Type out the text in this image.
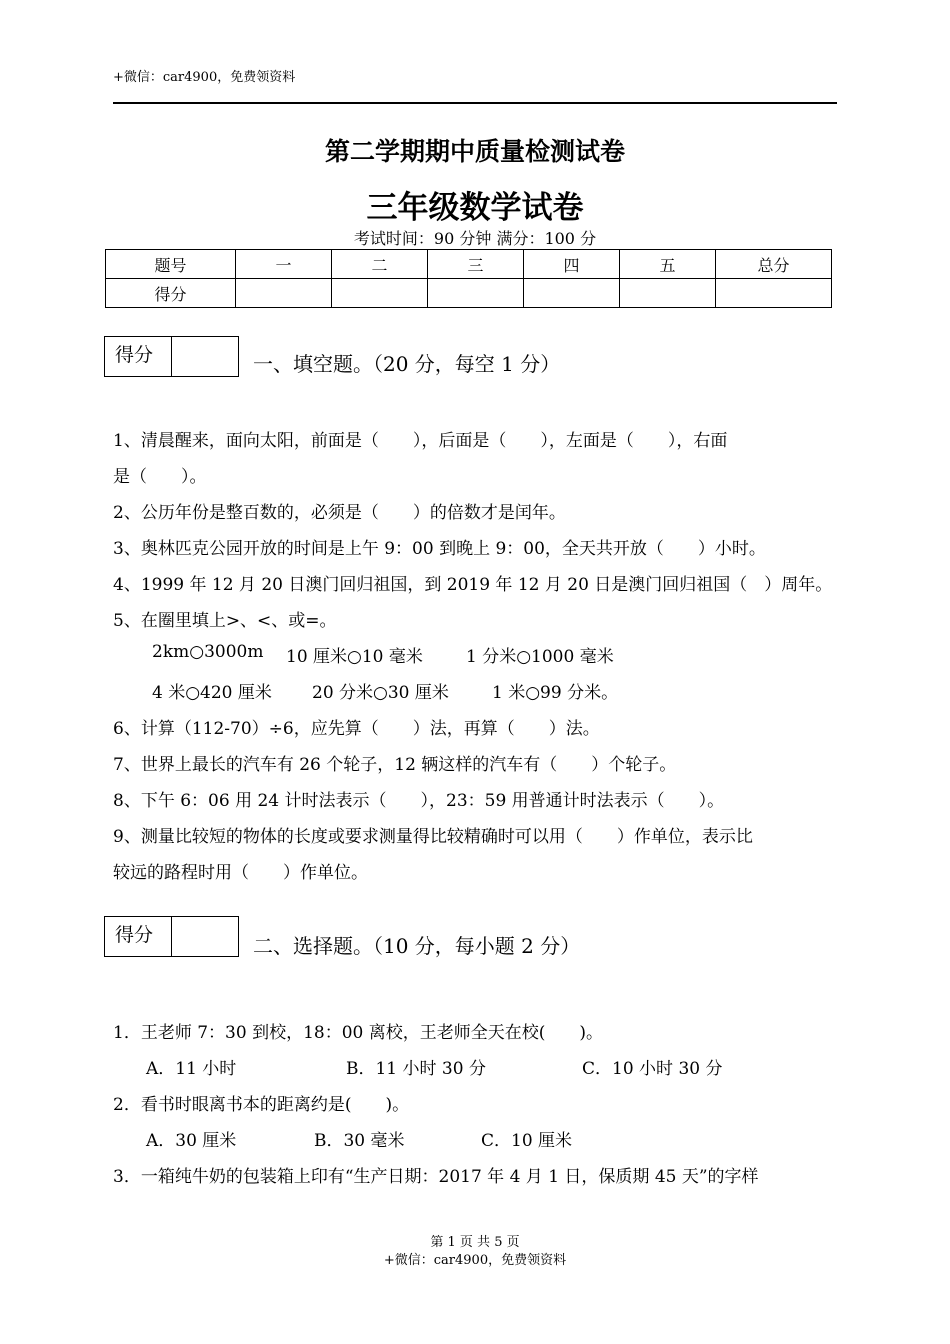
+微信：car4900，免费领资料
第二学期期中质量检测试卷
三年级数学试卷
考试时间：90 分钟 满分：100 分
题号	一	二	三	四	五	总分
得分						
得分	一、填空题。（20 分，每空 1 分）
1、清晨醒来，面向太阳，前面是（　　），后面是（　　），左面是（　　），右面
是（　　）。
2、公历年份是整百数的，必须是（　　）的倍数才是闰年。
3、奥林匹克公园开放的时间是上午 9：00 到晚上 9：00，全天共开放（　　）小时。
4、1999 年 12 月 20 日澳门回归祖国，到 2019 年 12 月 20 日是澳门回归祖国（　）周年。
5、在圈里填上>、<、或=。
2km○3000m 10 厘米○10 毫米	1 分米○1000 毫米
4 米○420 厘米 20 分米○30 厘米	1 米○99 分米。
6、计算（112-70）÷6，应先算（　　）法，再算（　　）法。
7、世界上最长的汽车有 26 个轮子，12 辆这样的汽车有（　　）个轮子。
8、下午 6：06 用 24 计时法表示（　　），23：59 用普通计时法表示（　　）。
9、测量比较短的物体的长度或要求测量得比较精确时可以用（　　）作单位，表示比
较远的路程时用（　　）作单位。
得分	二、选择题。（10 分，每小题 2 分）
1．王老师 7：30 到校，18：00 离校，王老师全天在校(　　)。
A．11 小时	B．11 小时 30 分	C．10 小时 30 分
2．看书时眼离书本的距离约是(　　)。
A．30 厘米	B．30 毫米	C．10 厘米
3．一箱纯牛奶的包装箱上印有“生产日期：2017 年 4 月 1 日，保质期 45 天”的字样
第 1 页 共 5 页
+微信：car4900，免费领资料
